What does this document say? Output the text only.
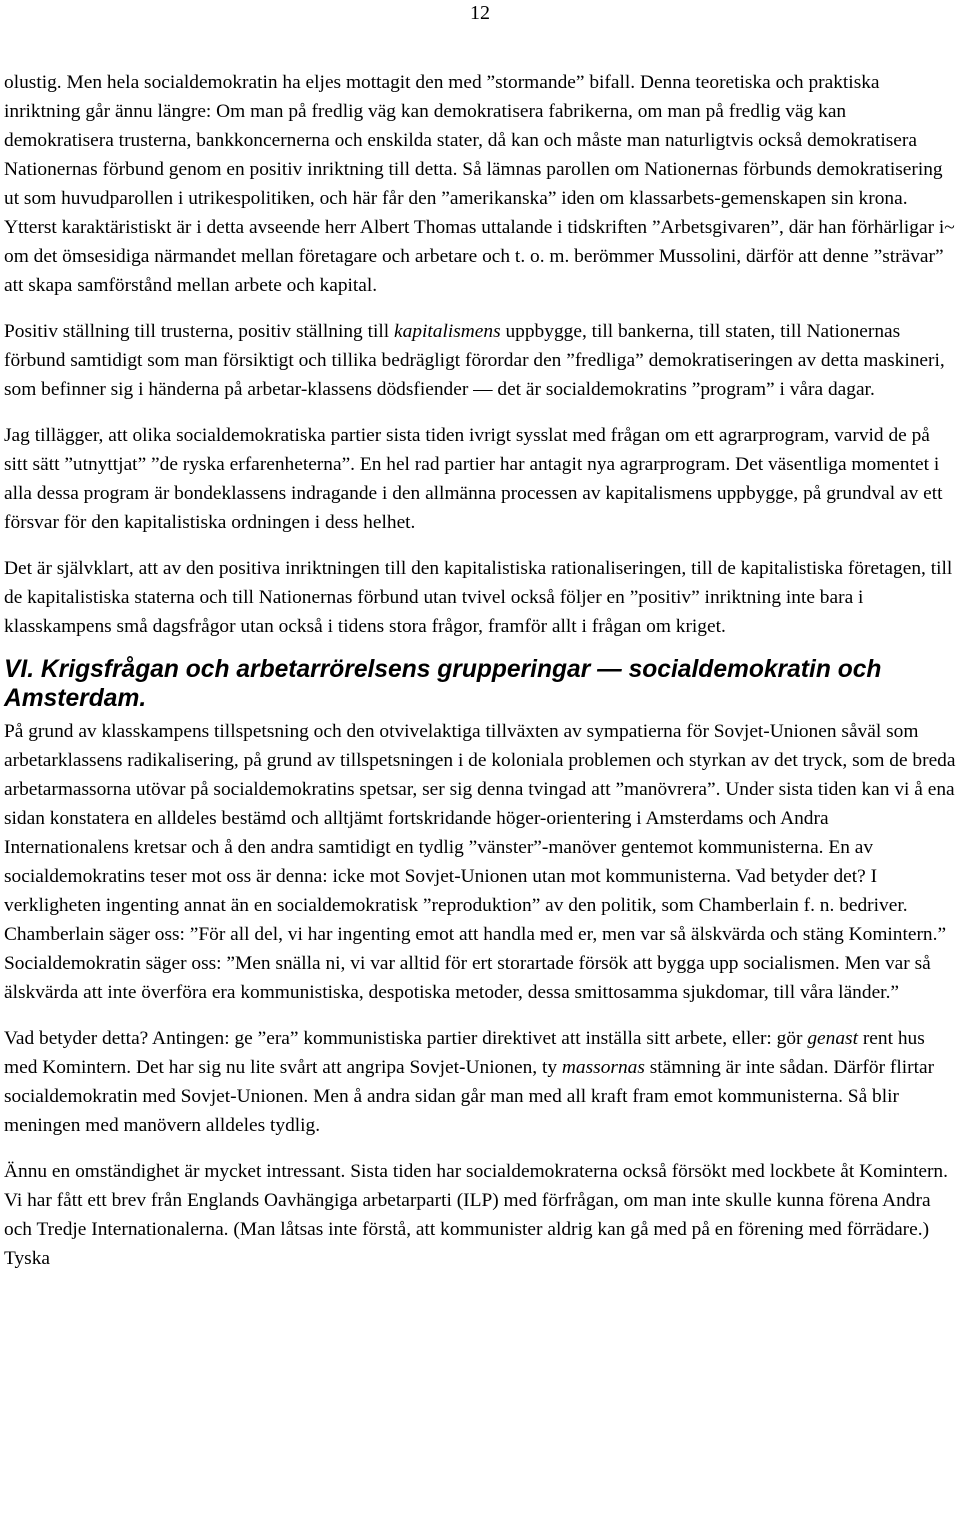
12

olustig. Men hela socialdemokratin ha eljes mottagit den med ”stormande” bifall. Denna teoretiska och praktiska inriktning går ännu längre: Om man på fredlig väg kan demokratisera fabrikerna, om man på fredlig väg kan demokratisera trusterna, bankkoncernerna och enskilda stater, då kan och måste man naturligtvis också demokratisera Nationernas förbund genom en positiv inriktning till detta. Så lämnas parollen om Nationernas förbunds demokratisering ut som huvudparollen i utrikespolitiken, och här får den ”amerikanska” iden om klassarbets-gemenskapen sin krona. Ytterst karaktäristiskt är i detta avseende herr Albert Thomas uttalande i tidskriften ”Arbetsgivaren”, där han förhärligar i~ om det ömsesidiga närmandet mellan företagare och arbetare och t. o. m. berömmer Mussolini, därför att denne ”strävar” att skapa samförstånd mellan arbete och kapital.

Positiv ställning till trusterna, positiv ställning till kapitalismens uppbygge, till bankerna, till staten, till Nationernas förbund samtidigt som man försiktigt och tillika bedrägligt förordar den ”fredliga” demokratiseringen av detta maskineri, som befinner sig i händerna på arbetar-klassens dödsfiender — det är socialdemokratins ”program” i våra dagar.

Jag tillägger, att olika socialdemokratiska partier sista tiden ivrigt sysslat med frågan om ett agrarprogram, varvid de på sitt sätt ”utnyttjat” ”de ryska erfarenheterna”. En hel rad partier har antagit nya agrarprogram. Det väsentliga momentet i alla dessa program är bondeklassens indragande i den allmänna processen av kapitalismens uppbygge, på grundval av ett försvar för den kapitalistiska ordningen i dess helhet.

Det är självklart, att av den positiva inriktningen till den kapitalistiska rationaliseringen, till de kapitalistiska företagen, till de kapitalistiska staterna och till Nationernas förbund utan tvivel också följer en ”positiv” inriktning inte bara i klasskampens små dagsfrågor utan också i tidens stora frågor, framför allt i frågan om kriget.

VI. Krigsfrågan och arbetarrörelsens grupperingar — socialdemokratin och Amsterdam.

På grund av klasskampens tillspetsning och den otvivelaktiga tillväxten av sympatierna för Sovjet-Unionen såväl som arbetarklassens radikalisering, på grund av tillspetsningen i de koloniala problemen och styrkan av det tryck, som de breda arbetarmassorna utövar på socialdemokratins spetsar, ser sig denna tvingad att ”manövrera”. Under sista tiden kan vi å ena sidan konstatera en alldeles bestämd och alltjämt fortskridande höger-orientering i Amsterdams och Andra Internationalens kretsar och å den andra samtidigt en tydlig ”vänster”-manöver gentemot kommunisterna. En av socialdemokratins teser mot oss är denna: icke mot Sovjet-Unionen utan mot kommunisterna. Vad betyder det? I verkligheten ingenting annat än en socialdemokratisk ”reproduktion” av den politik, som Chamberlain f. n. bedriver. Chamberlain säger oss: ”För all del, vi har ingenting emot att handla med er, men var så älskvärda och stäng Komintern.” Socialdemokratin säger oss: ”Men snälla ni, vi var alltid för ert storartade försök att bygga upp socialismen. Men var så älskvärda att inte överföra era kommunistiska, despotiska metoder, dessa smittosamma sjukdomar, till våra länder.”

Vad betyder detta? Antingen: ge ”era” kommunistiska partier direktivet att inställa sitt arbete, eller: gör genast rent hus med Komintern. Det har sig nu lite svårt att angripa Sovjet-Unionen, ty massornas stämning är inte sådan. Därför flirtar socialdemokratin med Sovjet-Unionen. Men å andra sidan går man med all kraft fram emot kommunisterna. Så blir meningen med manövern alldeles tydlig.

Ännu en omständighet är mycket intressant. Sista tiden har socialdemokraterna också försökt med lockbete åt Komintern. Vi har fått ett brev från Englands Oavhängiga arbetarparti (ILP) med förfrågan, om man inte skulle kunna förena Andra och Tredje Internationalerna. (Man låtsas inte förstå, att kommunister aldrig kan gå med på en förening med förrädare.) Tyska
